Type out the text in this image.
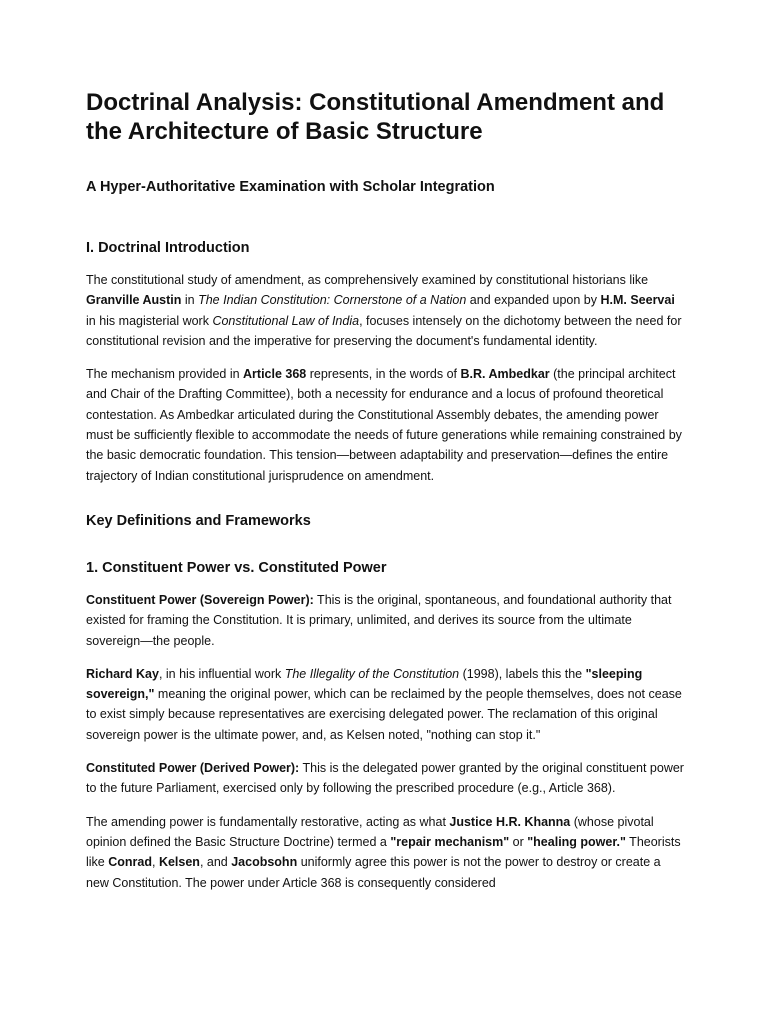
Doctrinal Analysis: Constitutional Amendment and the Architecture of Basic Structure
A Hyper-Authoritative Examination with Scholar Integration
I. Doctrinal Introduction

The constitutional study of amendment, as comprehensively examined by constitutional historians like Granville Austin in The Indian Constitution: Cornerstone of a Nation and expanded upon by H.M. Seervai in his magisterial work Constitutional Law of India, focuses intensely on the dichotomy between the need for constitutional revision and the imperative for preserving the document's fundamental identity.

The mechanism provided in Article 368 represents, in the words of B.R. Ambedkar (the principal architect and Chair of the Drafting Committee), both a necessity for endurance and a locus of profound theoretical contestation. As Ambedkar articulated during the Constitutional Assembly debates, the amending power must be sufficiently flexible to accommodate the needs of future generations while remaining constrained by the basic democratic foundation. This tension—between adaptability and preservation—defines the entire trajectory of Indian constitutional jurisprudence on amendment.

Key Definitions and Frameworks
1. Constituent Power vs. Constituted Power

Constituent Power (Sovereign Power): This is the original, spontaneous, and foundational authority that existed for framing the Constitution. It is primary, unlimited, and derives its source from the ultimate sovereign—the people.

Richard Kay, in his influential work The Illegality of the Constitution (1998), labels this the "sleeping sovereign," meaning the original power, which can be reclaimed by the people themselves, does not cease to exist simply because representatives are exercising delegated power. The reclamation of this original sovereign power is the ultimate power, and, as Kelsen noted, "nothing can stop it."

Constituted Power (Derived Power): This is the delegated power granted by the original constituent power to the future Parliament, exercised only by following the prescribed procedure (e.g., Article 368).

The amending power is fundamentally restorative, acting as what Justice H.R. Khanna (whose pivotal opinion defined the Basic Structure Doctrine) termed a "repair mechanism" or "healing power." Theorists like Conrad, Kelsen, and Jacobsohn uniformly agree this power is not the power to destroy or create a new Constitution. The power under Article 368 is consequently considered
